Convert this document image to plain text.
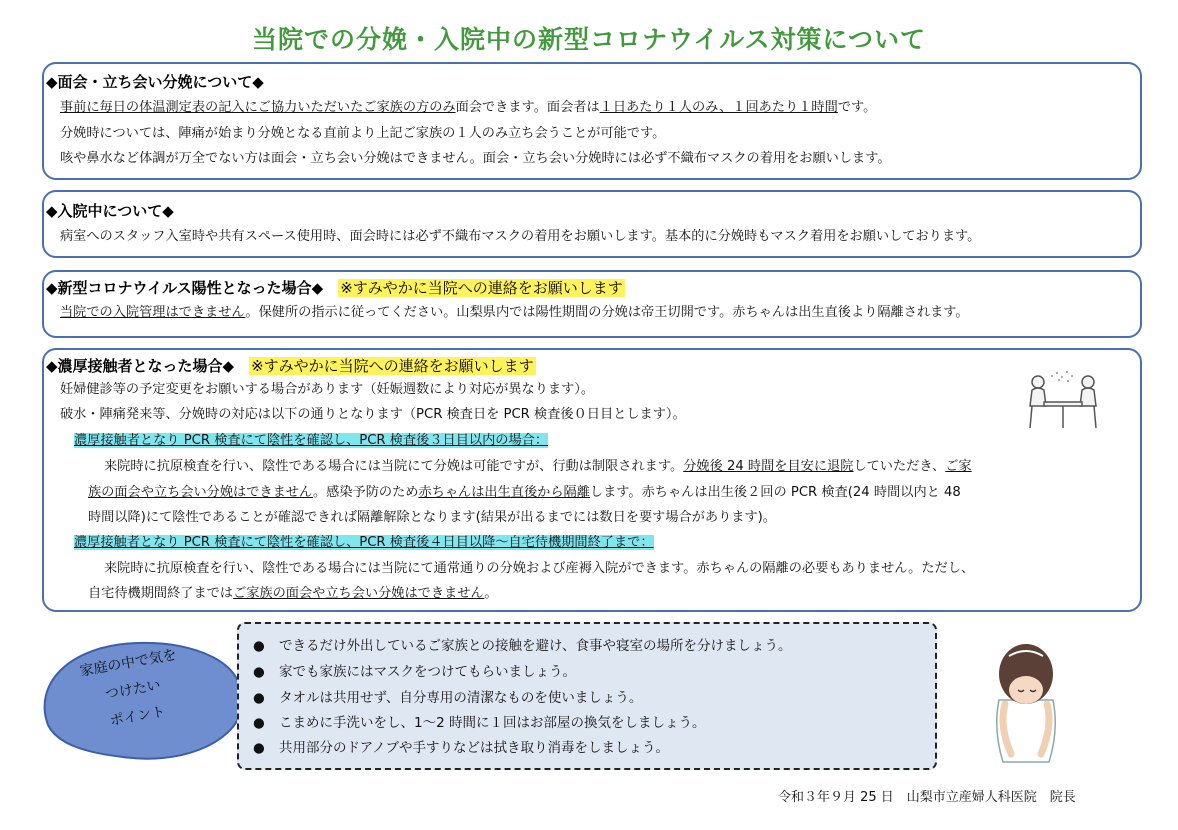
当院での分娩・入院中の新型コロナウイルス対策について
◆面会・立ち会い分娩について◆
事前に毎日の体温測定表の記入にご協力いただいたご家族の方のみ面会できます。面会者は１日あたり１人のみ、１回あたり１時間です。
分娩時については、陣痛が始まり分娩となる直前より上記ご家族の１人のみ立ち会うことが可能です。
咳や鼻水など体調が万全でない方は面会・立ち会い分娩はできません。面会・立ち会い分娩時には必ず不織布マスクの着用をお願いします。
◆入院中について◆
病室へのスタッフ入室時や共有スペース使用時、面会時には必ず不織布マスクの着用をお願いします。基本的に分娩時もマスク着用をお願いしております。
◆新型コロナウイルス陽性となった場合◆　 ※すみやかに当院への連絡をお願いします
当院での入院管理はできません。保健所の指示に従ってください。山梨県内では陽性期間の分娩は帝王切開です。赤ちゃんは出生直後より隔離されます。
◆濃厚接触者となった場合◆　 ※すみやかに当院への連絡をお願いします
妊婦健診等の予定変更をお願いする場合があります（妊娠週数により対応が異なります）。
破水・陣痛発来等、分娩時の対応は以下の通りとなります（PCR 検査日を PCR 検査後０日目とします）。
濃厚接触者となり PCR 検査にて陰性を確認し、PCR 検査後３日目以内の場合：
来院時に抗原検査を行い、陰性である場合には当院にて分娩は可能ですが、行動は制限されます。分娩後 24 時間を目安に退院していただき、ご家
族の面会や立ち会い分娩はできません。感染予防のため赤ちゃんは出生直後から隔離します。赤ちゃんは出生後２回の PCR 検査(24 時間以内と 48
時間以降)にて陰性であることが確認できれば隔離解除となります(結果が出るまでには数日を要す場合があります)。
濃厚接触者となり PCR 検査にて陰性を確認し、PCR 検査後４日目以降～自宅待機期間終了まで：
来院時に抗原検査を行い、陰性である場合には当院にて通常通りの分娩および産褥入院ができます。赤ちゃんの隔離の必要もありません。ただし、
自宅待機期間終了まではご家族の面会や立ち会い分娩はできません。
家庭の中で気を
つけたい
ポイント
● できるだけ外出しているご家族との接触を避け、食事や寝室の場所を分けましょう。
● 家でも家族にはマスクをつけてもらいましょう。
● タオルは共用せず、自分専用の清潔なものを使いましょう。
● こまめに手洗いをし、1～2 時間に１回はお部屋の換気をしましょう。
● 共用部分のドアノブや手すりなどは拭き取り消毒をしましょう。
令和３年９月 25 日　山梨市立産婦人科医院　院長
